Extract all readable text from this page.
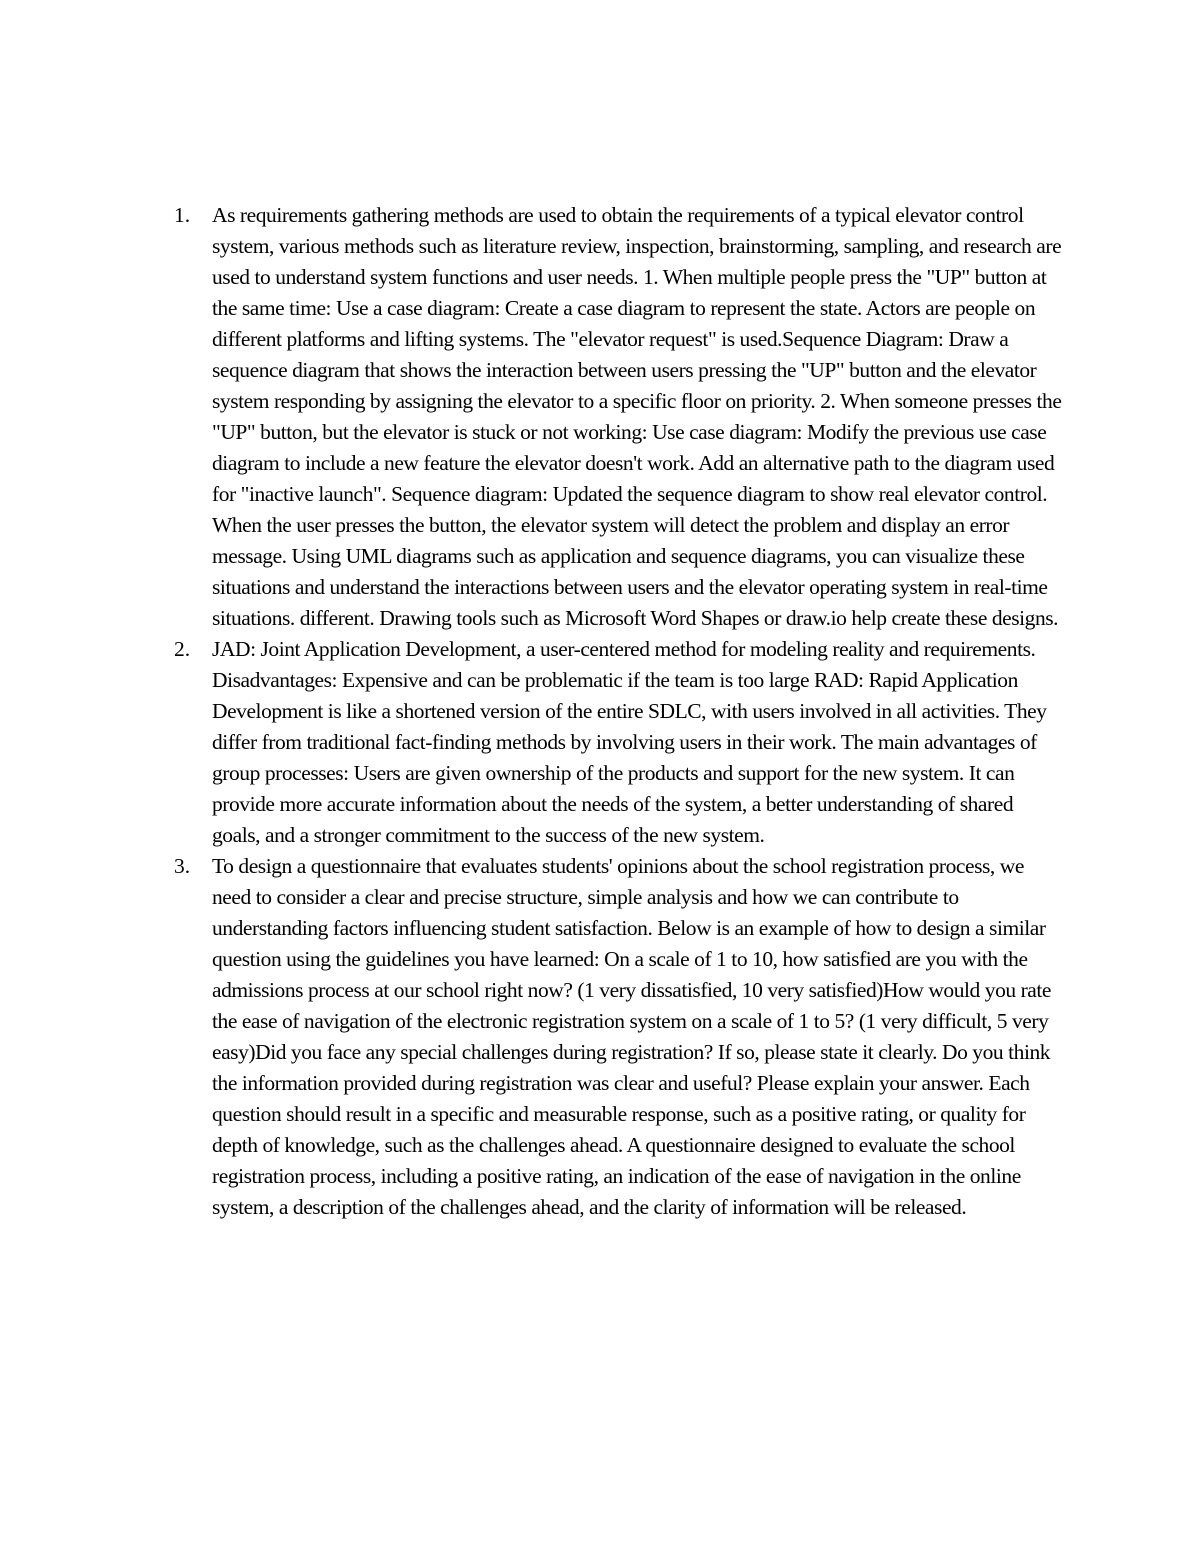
1. As requirements gathering methods are used to obtain the requirements of a typical elevator control system, various methods such as literature review, inspection, brainstorming, sampling, and research are used to understand system functions and user needs. 1. When multiple people press the "UP" button at the same time: Use a case diagram: Create a case diagram to represent the state. Actors are people on different platforms and lifting systems. The "elevator request" is used.Sequence Diagram: Draw a sequence diagram that shows the interaction between users pressing the "UP" button and the elevator system responding by assigning the elevator to a specific floor on priority. 2. When someone presses the "UP" button, but the elevator is stuck or not working: Use case diagram: Modify the previous use case diagram to include a new feature the elevator doesn't work. Add an alternative path to the diagram used for "inactive launch". Sequence diagram: Updated the sequence diagram to show real elevator control. When the user presses the button, the elevator system will detect the problem and display an error message. Using UML diagrams such as application and sequence diagrams, you can visualize these situations and understand the interactions between users and the elevator operating system in real-time situations. different. Drawing tools such as Microsoft Word Shapes or draw.io help create these designs.
2. JAD: Joint Application Development, a user-centered method for modeling reality and requirements. Disadvantages: Expensive and can be problematic if the team is too large RAD: Rapid Application Development is like a shortened version of the entire SDLC, with users involved in all activities. They differ from traditional fact-finding methods by involving users in their work. The main advantages of group processes: Users are given ownership of the products and support for the new system. It can provide more accurate information about the needs of the system, a better understanding of shared goals, and a stronger commitment to the success of the new system.
3. To design a questionnaire that evaluates students' opinions about the school registration process, we need to consider a clear and precise structure, simple analysis and how we can contribute to understanding factors influencing student satisfaction. Below is an example of how to design a similar question using the guidelines you have learned: On a scale of 1 to 10, how satisfied are you with the admissions process at our school right now? (1 very dissatisfied, 10 very satisfied)How would you rate the ease of navigation of the electronic registration system on a scale of 1 to 5? (1 very difficult, 5 very easy)Did you face any special challenges during registration? If so, please state it clearly. Do you think the information provided during registration was clear and useful? Please explain your answer. Each question should result in a specific and measurable response, such as a positive rating, or quality for depth of knowledge, such as the challenges ahead. A questionnaire designed to evaluate the school registration process, including a positive rating, an indication of the ease of navigation in the online system, a description of the challenges ahead, and the clarity of information will be released.
